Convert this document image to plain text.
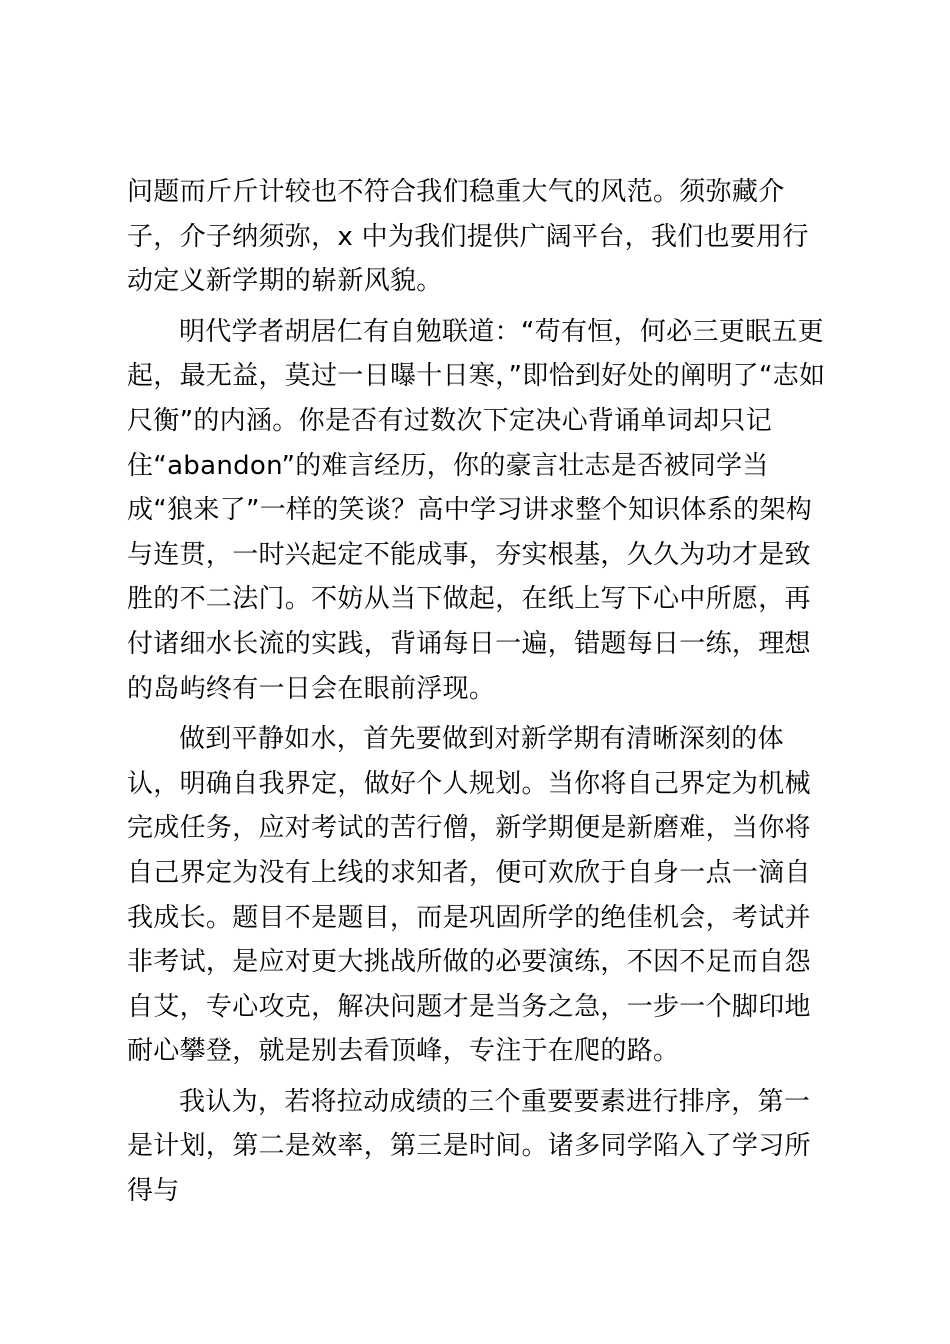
问题而斤斤计较也不符合我们稳重大气的风范。须弥藏介子，介子纳须弥，x 中为我们提供广阔平台，我们也要用行动定义新学期的崭新风貌。

明代学者胡居仁有自勉联道：“苟有恒，何必三更眠五更起，最无益，莫过一日曝十日寒，”即恰到好处的阐明了“志如尺衡”的内涵。你是否有过数次下定决心背诵单词却只记住“abandon”的难言经历，你的豪言壮志是否被同学当成“狼来了”一样的笑谈？高中学习讲求整个知识体系的架构与连贯，一时兴起定不能成事，夯实根基，久久为功才是致胜的不二法门。不妨从当下做起，在纸上写下心中所愿，再付诸细水长流的实践，背诵每日一遍，错题每日一练，理想的岛屿终有一日会在眼前浮现。

做到平静如水，首先要做到对新学期有清晰深刻的体认，明确自我界定，做好个人规划。当你将自己界定为机械完成任务，应对考试的苦行僧，新学期便是新磨难，当你将自己界定为没有上线的求知者，便可欢欣于自身一点一滴自我成长。题目不是题目，而是巩固所学的绝佳机会，考试并非考试，是应对更大挑战所做的必要演练，不因不足而自怨自艾，专心攻克，解决问题才是当务之急，一步一个脚印地耐心攀登，就是别去看顶峰，专注于在爬的路。

我认为，若将拉动成绩的三个重要要素进行排序，第一是计划，第二是效率，第三是时间。诸多同学陷入了学习所得与
